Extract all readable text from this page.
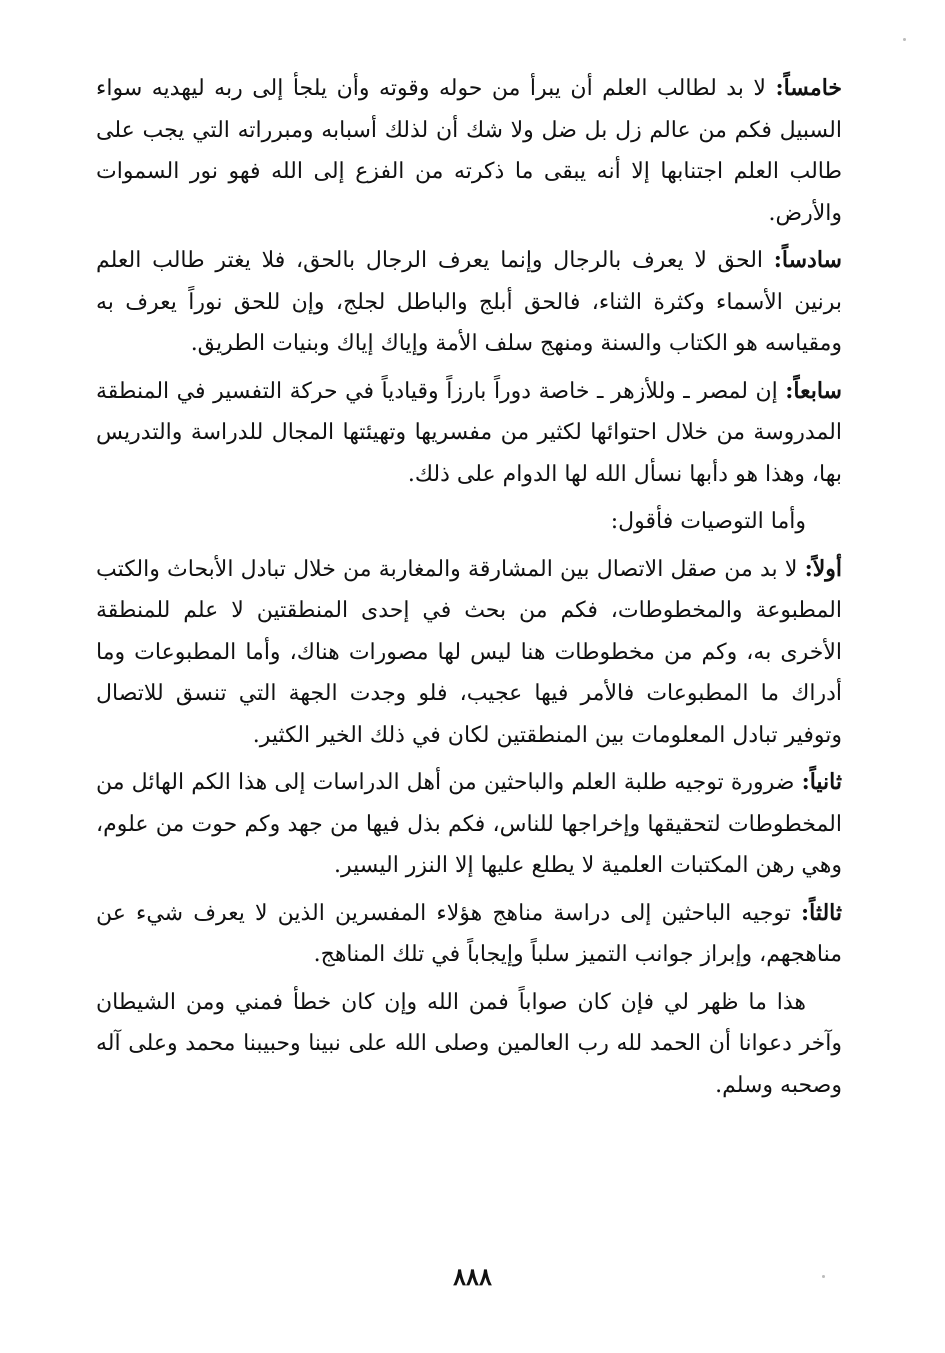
خامساً: لا بد لطالب العلم أن يبرأ من حوله وقوته وأن يلجأ إلى ربه ليهديه سواء السبيل فكم من عالم زل بل ضل ولا شك أن لذلك أسبابه ومبرراته التي يجب على طالب العلم اجتنابها إلا أنه يبقى ما ذكرته من الفزع إلى الله فهو نور السموات والأرض.

سادساً: الحق لا يعرف بالرجال وإنما يعرف الرجال بالحق، فلا يغتر طالب العلم برنين الأسماء وكثرة الثناء، فالحق أبلج والباطل لجلج، وإن للحق نوراً يعرف به ومقياسه هو الكتاب والسنة ومنهج سلف الأمة وإياك إياك وبنيات الطريق.

سابعاً: إن لمصر ـ وللأزهر ـ خاصة دوراً بارزاً وقيادياً في حركة التفسير في المنطقة المدروسة من خلال احتوائها لكثير من مفسريها وتهيئتها المجال للدراسة والتدريس بها، وهذا هو دأبها نسأل الله لها الدوام على ذلك.

وأما التوصيات فأقول:

أولاً: لا بد من صقل الاتصال بين المشارقة والمغاربة من خلال تبادل الأبحاث والكتب المطبوعة والمخطوطات، فكم من بحث في إحدى المنطقتين لا علم للمنطقة الأخرى به، وكم من مخطوطات هنا ليس لها مصورات هناك، وأما المطبوعات وما أدراك ما المطبوعات فالأمر فيها عجيب، فلو وجدت الجهة التي تنسق للاتصال وتوفير تبادل المعلومات بين المنطقتين لكان في ذلك الخير الكثير.

ثانياً: ضرورة توجيه طلبة العلم والباحثين من أهل الدراسات إلى هذا الكم الهائل من المخطوطات لتحقيقها وإخراجها للناس، فكم بذل فيها من جهد وكم حوت من علوم، وهي رهن المكتبات العلمية لا يطلع عليها إلا النزر اليسير.

ثالثاً: توجيه الباحثين إلى دراسة مناهج هؤلاء المفسرين الذين لا يعرف شيء عن مناهجهم، وإبراز جوانب التميز سلباً وإيجاباً في تلك المناهج.

هذا ما ظهر لي فإن كان صواباً فمن الله وإن كان خطأ فمني ومن الشيطان وآخر دعوانا أن الحمد لله رب العالمين وصلى الله على نبينا وحبيبنا محمد وعلى آله وصحبه وسلم.

٨٨٨
